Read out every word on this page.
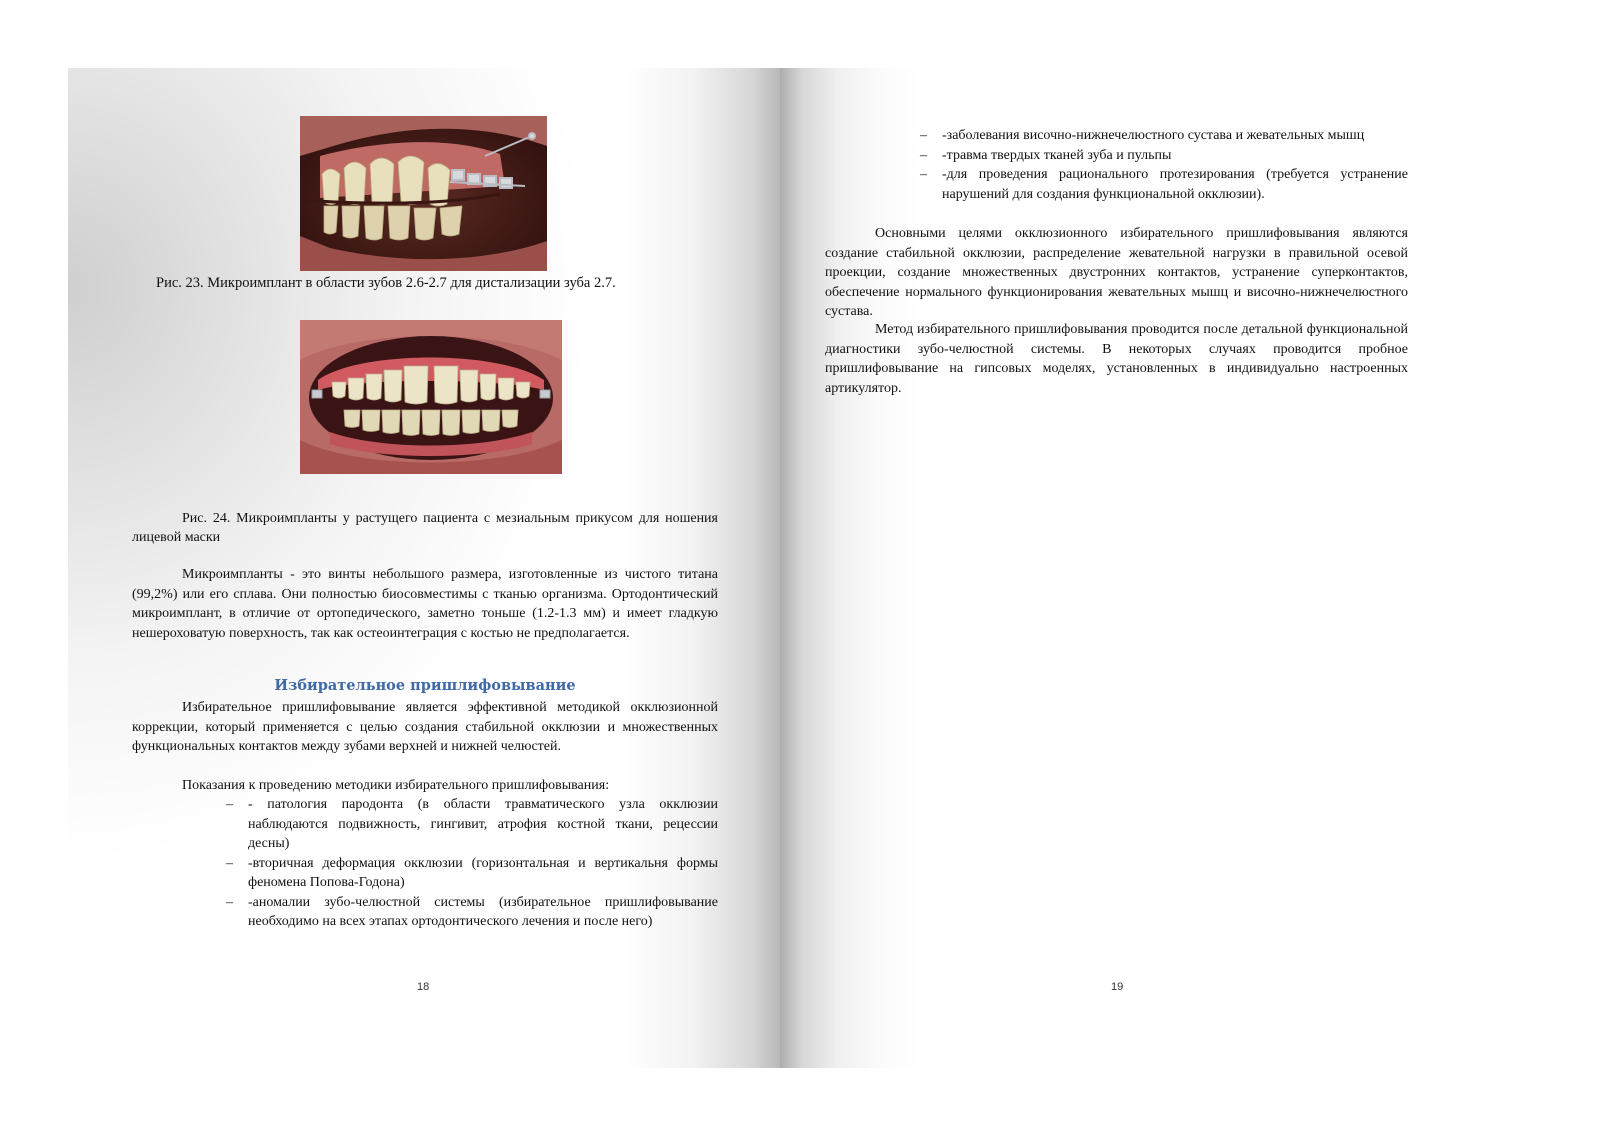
Рис. 23. Микроимплант в области зубов 2.6-2.7 для дистализации зуба 2.7.
Рис. 24. Микроимпланты у растущего пациента с мезиальным прикусом для ношения лицевой маски
Микроимпланты - это винты небольшого размера, изготовленные из чистого титана (99,2%) или его сплава. Они полностью биосовместимы с тканью организма. Ортодонтический микроимплант, в отличие от ортопедического, заметно тоньше (1.2-1.3 мм) и имеет гладкую нешероховатую поверхность, так как остеоинтеграция с костью не предполагается.
Избирательное пришлифовывание
Избирательное пришлифовывание является эффективной методикой окклюзионной коррекции, который применяется с целью создания стабильной окклюзии и множественных функциональных контактов между зубами верхней и нижней челюстей.
Показания к проведению методики избирательного пришлифовывания:
– - патология пародонта (в области травматического узла окклюзии наблюдаются подвижность, гингивит, атрофия костной ткани, рецессии десны)
– -вторичная деформация окклюзии (горизонтальная и вертикальня формы феномена Попова-Годона)
– -аномалии зубо-челюстной системы (избирательное пришлифовывание необходимо на всех этапах ортодонтического лечения и после него)
18
– -заболевания височно-нижнечелюстного сустава и жевательных мышц
– -травма твердых тканей зуба и пульпы
– -для проведения рационального протезирования (требуется устранение нарушений для создания функциональной окклюзии).
Основными целями окклюзионного избирательного пришлифовывания являются создание стабильной окклюзии, распределение жевательной нагрузки в правильной осевой проекции, создание множественных двустронних контактов, устранение суперконтактов, обеспечение нормального функционирования жевательных мышц и височно-нижнечелюстного сустава.
Метод избирательного пришлифовывания проводится после детальной функциональной диагностики зубо-челюстной системы. В некоторых случаях проводится пробное пришлифовывание на гипсовых моделях, установленных в индивидуально настроенных артикулятор.
19
